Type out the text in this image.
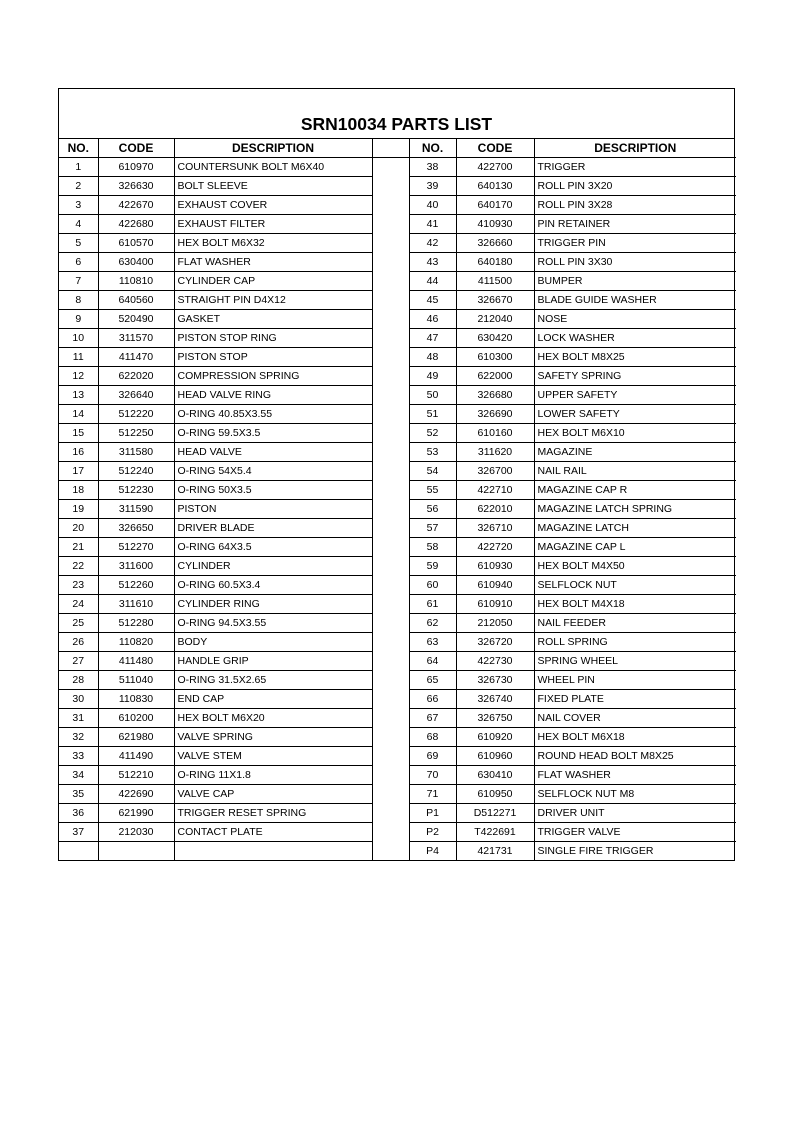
SRN10034 PARTS LIST
NO.	CODE	DESCRIPTION		NO.	CODE	DESCRIPTION
1	610970	COUNTERSUNK BOLT M6X40		38	422700	TRIGGER
2	326630	BOLT SLEEVE		39	640130	ROLL PIN 3X20
3	422670	EXHAUST COVER		40	640170	ROLL PIN 3X28
4	422680	EXHAUST FILTER		41	410930	PIN RETAINER
5	610570	HEX BOLT M6X32		42	326660	TRIGGER PIN
6	630400	FLAT WASHER		43	640180	ROLL PIN 3X30
7	110810	CYLINDER CAP		44	411500	BUMPER
8	640560	STRAIGHT PIN D4X12		45	326670	BLADE GUIDE WASHER
9	520490	GASKET		46	212040	NOSE
10	311570	PISTON STOP RING		47	630420	LOCK WASHER
11	411470	PISTON STOP		48	610300	HEX BOLT M8X25
12	622020	COMPRESSION SPRING		49	622000	SAFETY SPRING
13	326640	HEAD VALVE RING		50	326680	UPPER SAFETY
14	512220	O-RING 40.85X3.55		51	326690	LOWER SAFETY
15	512250	O-RING 59.5X3.5		52	610160	HEX BOLT M6X10
16	311580	HEAD VALVE		53	311620	MAGAZINE
17	512240	O-RING 54X5.4		54	326700	NAIL RAIL
18	512230	O-RING 50X3.5		55	422710	MAGAZINE CAP R
19	311590	PISTON		56	622010	MAGAZINE LATCH SPRING
20	326650	DRIVER BLADE		57	326710	MAGAZINE LATCH
21	512270	O-RING 64X3.5		58	422720	MAGAZINE CAP L
22	311600	CYLINDER		59	610930	HEX BOLT M4X50
23	512260	O-RING 60.5X3.4		60	610940	SELFLOCK NUT
24	311610	CYLINDER RING		61	610910	HEX BOLT M4X18
25	512280	O-RING 94.5X3.55		62	212050	NAIL FEEDER
26	110820	BODY		63	326720	ROLL SPRING
27	411480	HANDLE GRIP		64	422730	SPRING WHEEL
28	511040	O-RING 31.5X2.65		65	326730	WHEEL PIN
30	110830	END CAP		66	326740	FIXED PLATE
31	610200	HEX BOLT M6X20		67	326750	NAIL COVER
32	621980	VALVE SPRING		68	610920	HEX BOLT M6X18
33	411490	VALVE STEM		69	610960	ROUND HEAD BOLT M8X25
34	512210	O-RING 11X1.8		70	630410	FLAT WASHER
35	422690	VALVE CAP		71	610950	SELFLOCK NUT M8
36	621990	TRIGGER RESET SPRING		P1	D512271	DRIVER UNIT
37	212030	CONTACT PLATE		P2	T422691	TRIGGER VALVE
				P4	421731	SINGLE FIRE TRIGGER
